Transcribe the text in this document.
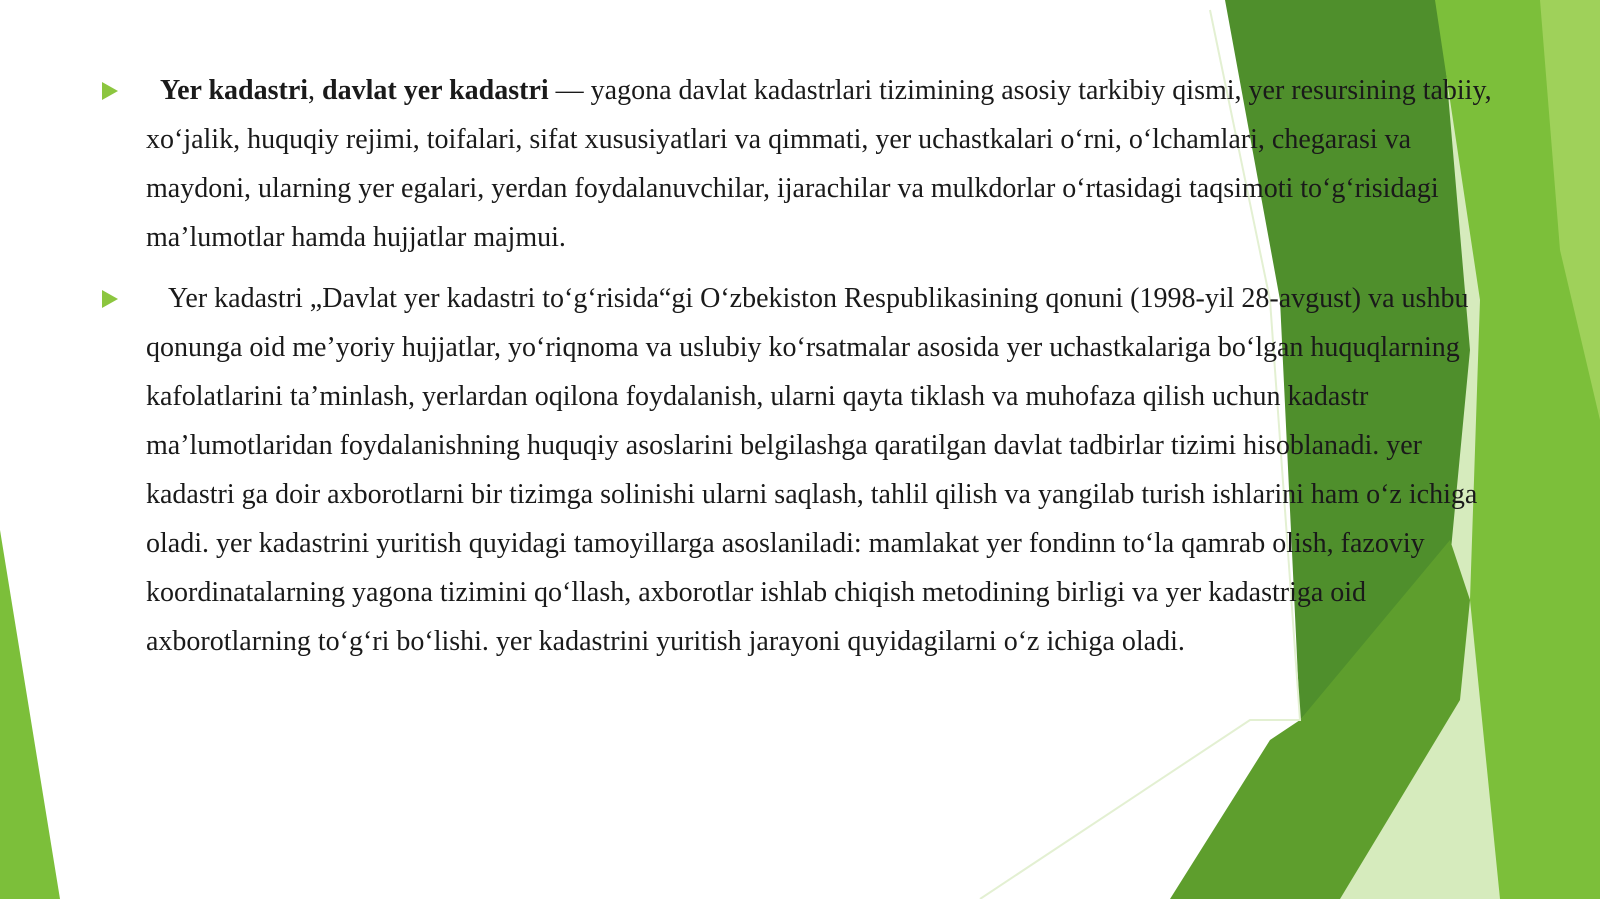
Yer kadastri, davlat yer kadastri — yagona davlat kadastrlari tizimining asosiy tarkibiy qismi, yer resursining tabiiy, xo‘jalik, huquqiy rejimi, toifalari, sifat xususiyatlari va qimmati, yer uchastkalari o‘rni, o‘lchamlari, chegarasi va maydoni, ularning yer egalari, yerdan foydalanuvchilar, ijarachilar va mulkdorlar o‘rtasidagi taqsimoti to‘g‘risidagi ma’lumotlar hamda hujjatlar majmui.
Yer kadastri „Davlat yer kadastri to‘g‘risida“gi O‘zbekiston Respublikasining qonuni (1998-yil 28-avgust) va ushbu qonunga oid me’yoriy hujjatlar, yo‘riqnoma va uslubiy ko‘rsatmalar asosida yer uchastkalariga bo‘lgan huquqlarning kafolatlarini ta’minlash, yerlardan oqilona foydalanish, ularni qayta tiklash va muhofaza qilish uchun kadastr ma’lumotlaridan foydalanishning huquqiy asoslarini belgilashga qaratilgan davlat tadbirlar tizimi hisoblanadi. yer kadastri ga doir axborotlarni bir tizimga solinishi ularni saqlash, tahlil qilish va yangilab turish ishlarini ham o‘z ichiga oladi. yer kadastrini yuritish quyidagi tamoyillarga asoslaniladi: mamlakat yer fondinn to‘la qamrab olish, fazoviy koordinatalarning yagona tizimini qo‘llash, axborotlar ishlab chiqish metodining birligi va yer kadastriga oid axborotlarning to‘g‘ri bo‘lishi. yer kadastrini yuritish jarayoni quyidagilarni o‘z ichiga oladi.
